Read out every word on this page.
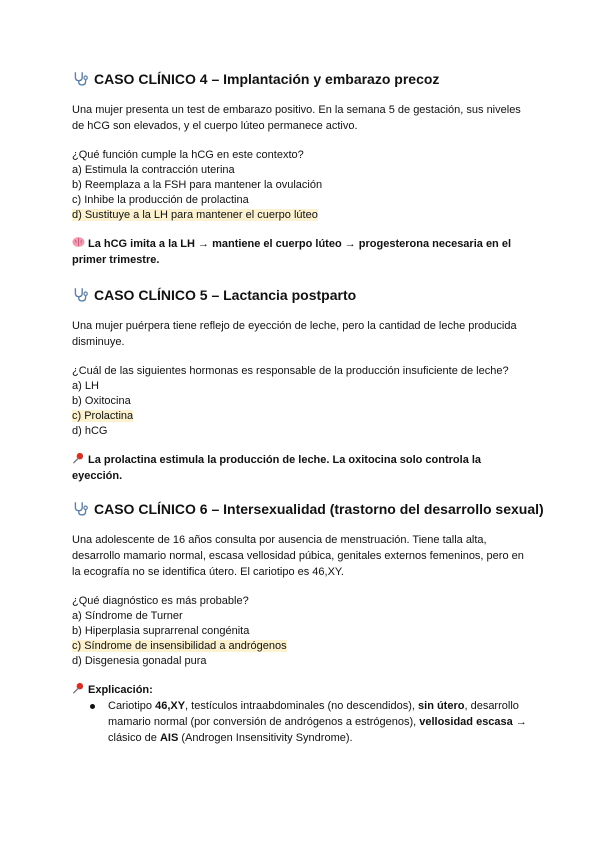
CASO CLÍNICO 4 – Implantación y embarazo precoz
Una mujer presenta un test de embarazo positivo. En la semana 5 de gestación, sus niveles de hCG son elevados, y el cuerpo lúteo permanece activo.
¿Qué función cumple la hCG en este contexto?
a) Estimula la contracción uterina
b) Reemplaza a la FSH para mantener la ovulación
c) Inhibe la producción de prolactina
d) Sustituye a la LH para mantener el cuerpo lúteo
La hCG imita a la LH → mantiene el cuerpo lúteo → progesterona necesaria en el primer trimestre.
CASO CLÍNICO 5 – Lactancia postparto
Una mujer puérpera tiene reflejo de eyección de leche, pero la cantidad de leche producida disminuye.
¿Cuál de las siguientes hormonas es responsable de la producción insuficiente de leche?
a) LH
b) Oxitocina
c) Prolactina
d) hCG
La prolactina estimula la producción de leche. La oxitocina solo controla la eyección.
CASO CLÍNICO 6 – Intersexualidad (trastorno del desarrollo sexual)
Una adolescente de 16 años consulta por ausencia de menstruación. Tiene talla alta, desarrollo mamario normal, escasa vellosidad púbica, genitales externos femeninos, pero en la ecografía no se identifica útero. El cariotipo es 46,XY.
¿Qué diagnóstico es más probable?
a) Síndrome de Turner
b) Hiperplasia suprarrenal congénita
c) Síndrome de insensibilidad a andrógenos
d) Disgenesia gonadal pura
Explicación:
Cariotipo 46,XY, testículos intraabdominales (no descendidos), sin útero, desarrollo mamario normal (por conversión de andrógenos a estrógenos), vellosidad escasa → clásico de AIS (Androgen Insensitivity Syndrome).
